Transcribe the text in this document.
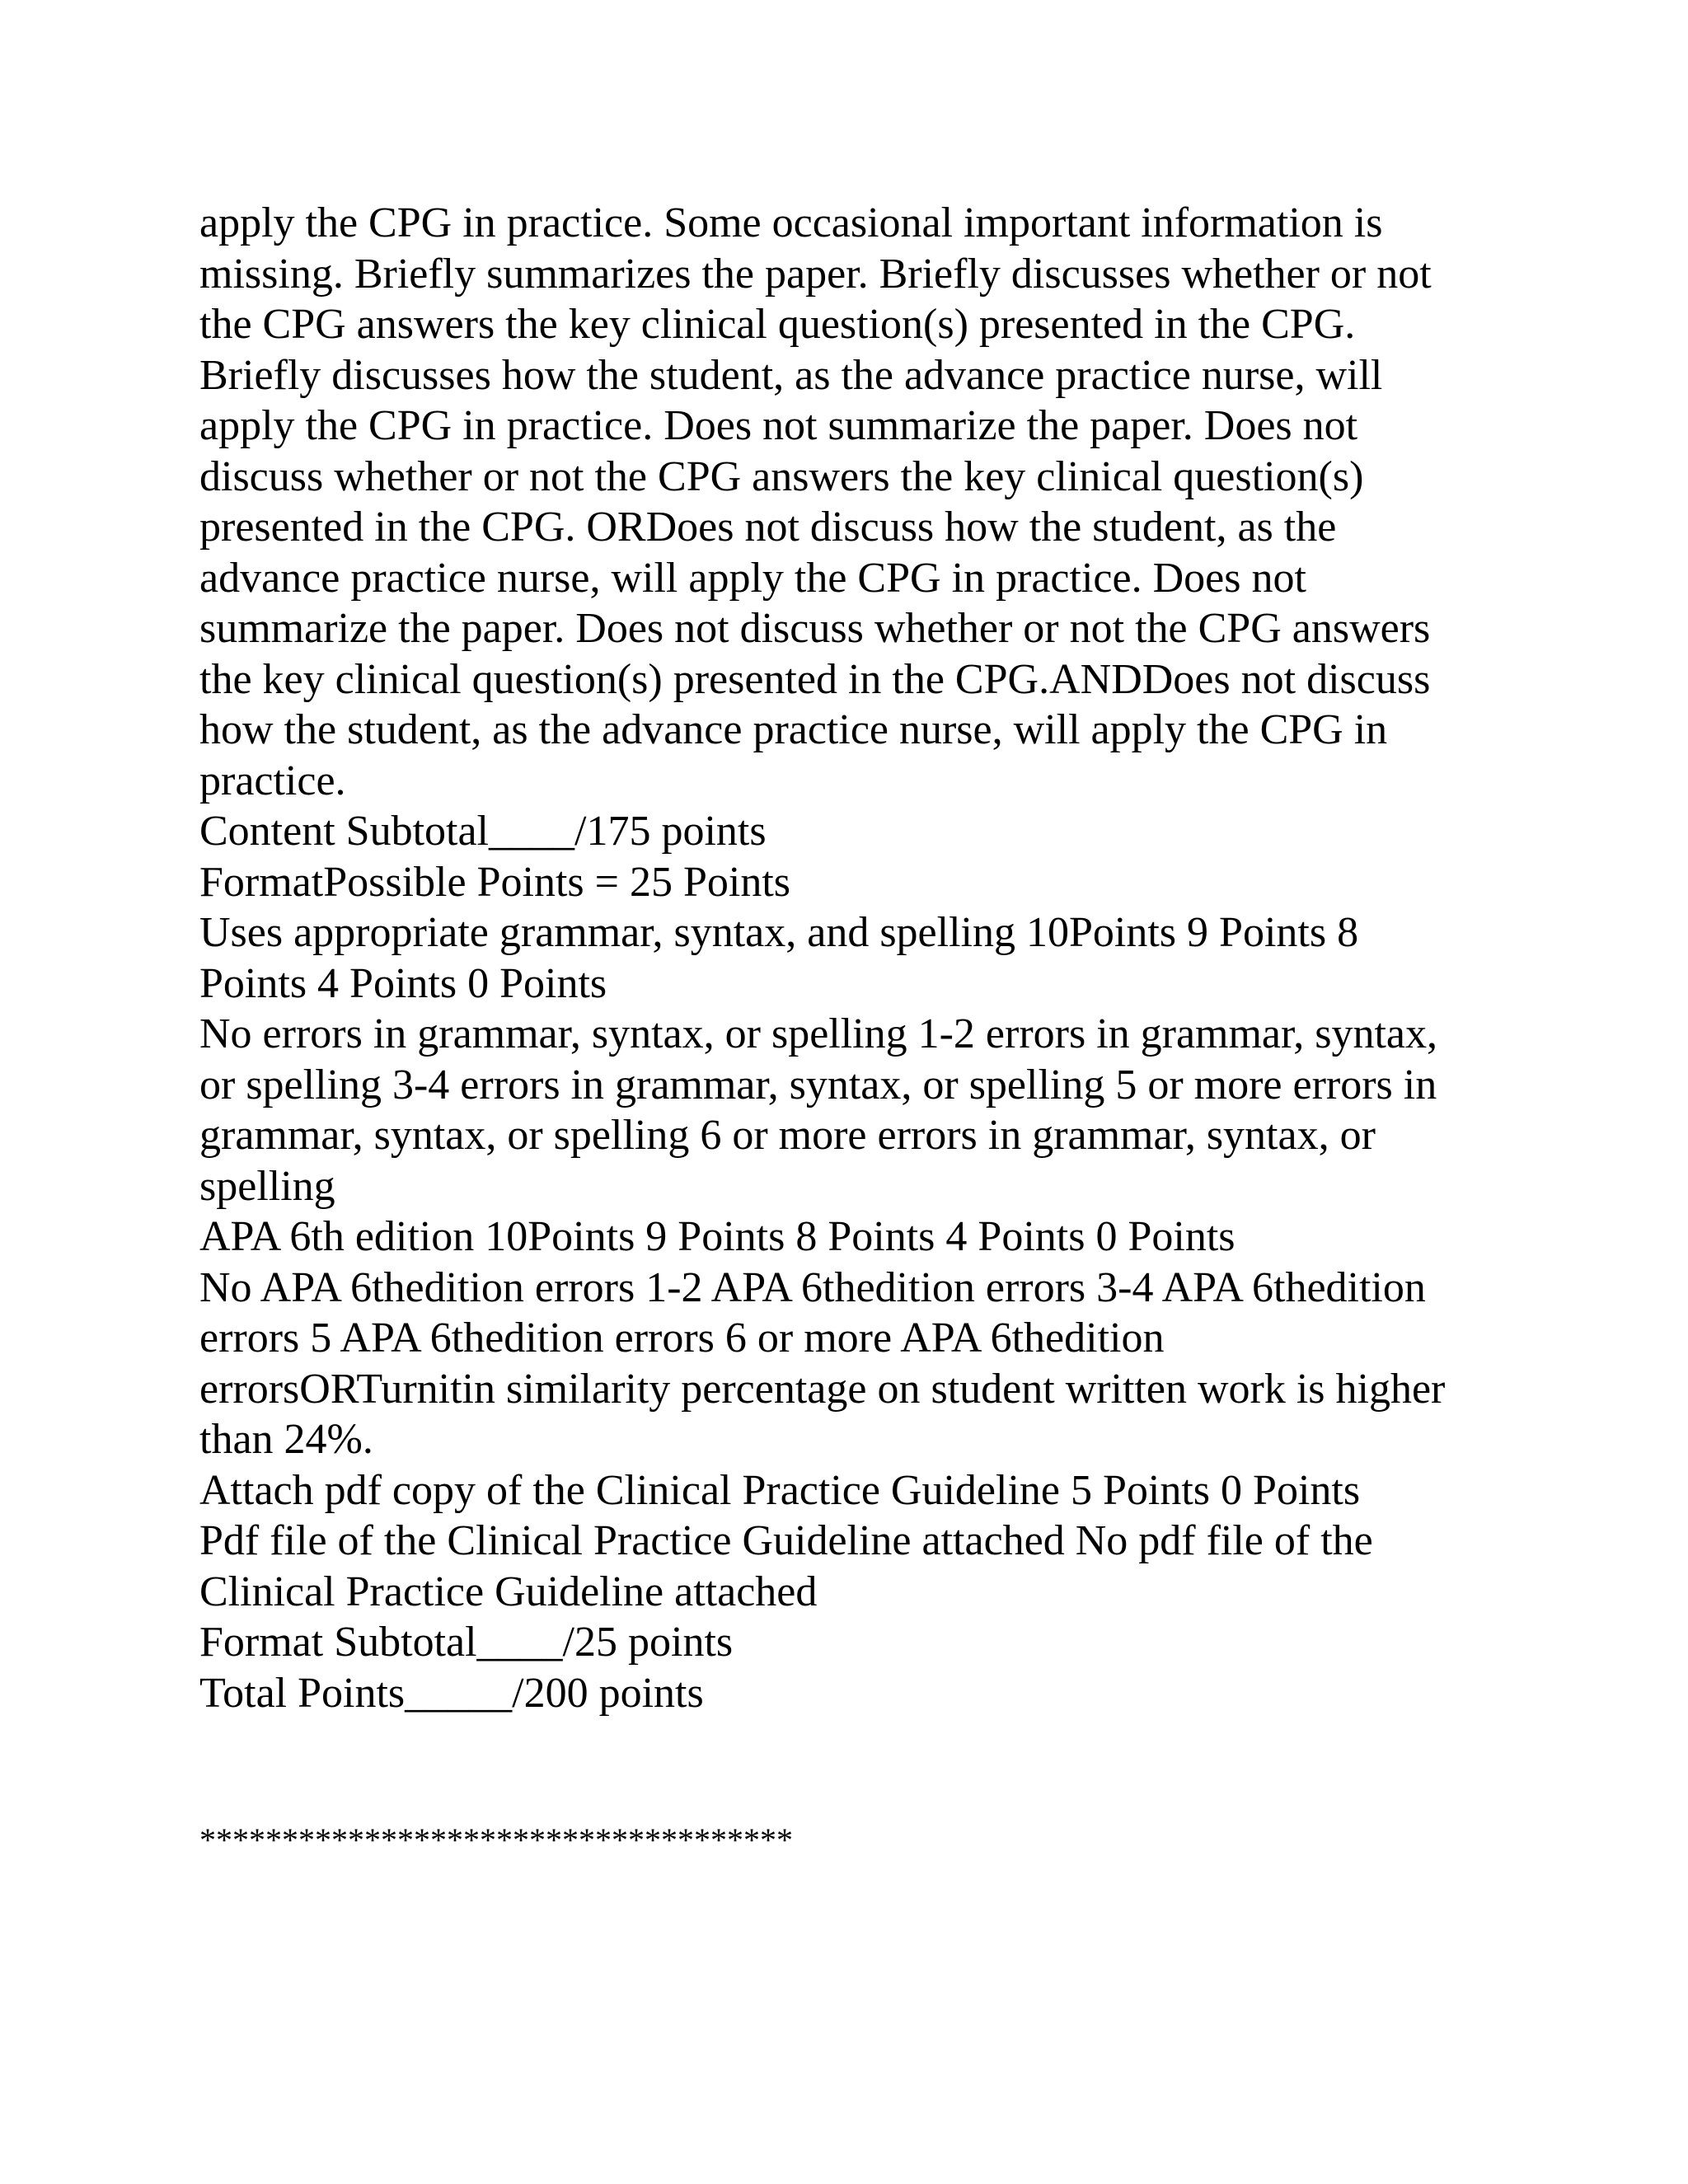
apply the CPG in practice. Some occasional important information is
missing. Briefly summarizes the paper. Briefly discusses whether or not
the CPG answers the key clinical question(s) presented in the CPG.
Briefly discusses how the student, as the advance practice nurse, will
apply the CPG in practice. Does not summarize the paper. Does not
discuss whether or not the CPG answers the key clinical question(s)
presented in the CPG. ORDoes not discuss how the student, as the
advance practice nurse, will apply the CPG in practice. Does not
summarize the paper. Does not discuss whether or not the CPG answers
the key clinical question(s) presented in the CPG.ANDDoes not discuss
how the student, as the advance practice nurse, will apply the CPG in
practice.
Content Subtotal____/175 points
FormatPossible Points = 25 Points
Uses appropriate grammar, syntax, and spelling 10Points 9 Points 8
Points 4 Points 0 Points
No errors in grammar, syntax, or spelling 1-2 errors in grammar, syntax,
or spelling 3-4 errors in grammar, syntax, or spelling 5 or more errors in
grammar, syntax, or spelling 6 or more errors in grammar, syntax, or
spelling
APA 6th edition 10Points 9 Points 8 Points 4 Points 0 Points
No APA 6thedition errors 1-2 APA 6thedition errors 3-4 APA 6thedition
errors 5 APA 6thedition errors 6 or more APA 6thedition
errorsORTurnitin similarity percentage on student written work is higher
than 24%.
Attach pdf copy of the Clinical Practice Guideline 5 Points 0 Points
Pdf file of the Clinical Practice Guideline attached No pdf file of the
Clinical Practice Guideline attached
Format Subtotal____/25 points
Total Points_____/200 points
************************************
